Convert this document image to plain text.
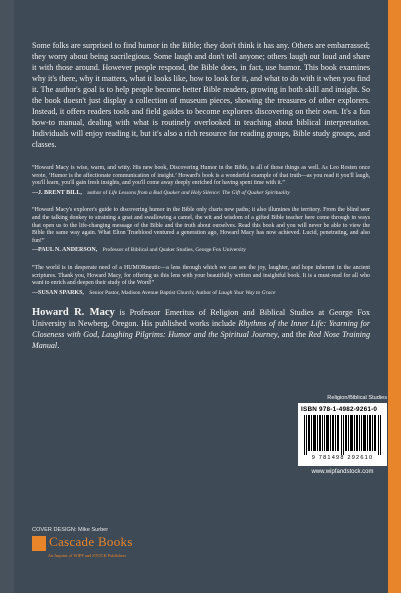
Some folks are surprised to find humor in the Bible; they don't think it has any. Others are embarrassed; they worry about being sacrilegious. Some laugh and don't tell anyone; others laugh out loud and share it with those around. However people respond, the Bible does, in fact, use humor. This book examines why it's there, why it matters, what it looks like, how to look for it, and what to do with it when you find it. The author's goal is to help people become better Bible readers, growing in both skill and insight. So the book doesn't just display a collection of museum pieces, showing the treasures of other explorers. Instead, it offers readers tools and field guides to become explorers discovering on their own. It's a fun how-to manual, dealing with what is routinely overlooked in teaching about biblical interpretation. Individuals will enjoy reading it, but it's also a rich resource for reading groups, Bible study groups, and classes.

“Howard Macy is wise, warm, and witty. His new book, Discovering Humor in the Bible, is all of those things as well. As Leo Rosten once wrote, ‘Humor is the affectionate communication of insight.’ Howard's book is a wonderful example of that truth—as you read it you'll laugh, you'll learn, you'll gain fresh insights, and you'll come away deeply enriched for having spent time with it.”

—J. BRENT BILL, author of Life Lessons from a Bad Quaker and Holy Silence: The Gift of Quaker Spirituality

“Howard Macy's explorer's guide to discovering humor in the Bible only charts new paths; it also illumines the territory. From the blind seer and the talking donkey to straining a gnat and swallowing a camel, the wit and wisdom of a gifted Bible teacher here come through in ways that open us to the life-changing message of the Bible and the truth about ourselves. Read this book and you will never be able to view the Bible the same way again. What Elton Trueblood ventured a generation ago, Howard Macy has now achieved. Lucid, penetrating, and also fun!”

—PAUL N. ANDERSON, Professor of Biblical and Quaker Studies, George Fox University

“The world is in desperate need of a HUMORneutic—a lens through which we can see the joy, laughter, and hope inherent in the ancient scriptures. Thank you, Howard Macy, for offering us this lens with your beautifully written and insightful book. It is a must-read for all who want to enrich and deepen their study of the Word!”

—SUSAN SPARKS, Senior Pastor, Madison Avenue Baptist Church; Author of Laugh Your Way to Grace

Howard R. Macy is Professor Emeritus of Religion and Biblical Studies at George Fox University in Newberg, Oregon. His published works include Rhythms of the Inner Life: Yearning for Closeness with God, Laughing Pilgrims: Humor and the Spiritual Journey, and the Red Nose Training Manual.

Religion/Biblical Studies
ISBN 978-1-4982-9261-0
9 781498 292610
www.wipfandstock.com
COVER DESIGN: Mike Surber
Cascade Books
An Imprint of WIPF and STOCK Publishers
